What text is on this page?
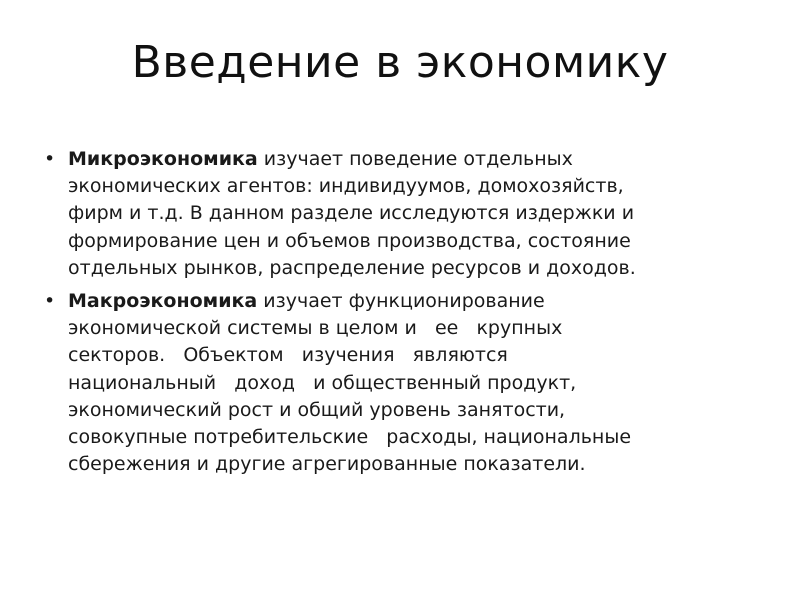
Введение в экономику
• Микроэкономика изучает поведение отдельных
экономических агентов: индивидуумов, домохозяйств,
фирм и т.д. В данном разделе исследуются издержки и
формирование цен и объемов производства, состояние
отдельных рынков, распределение ресурсов и доходов.
• Макроэкономика изучает функционирование
экономической системы в целом и   ее   крупных
секторов.   Объектом   изучения   являются
национальный   доход   и общественный продукт,
экономический рост и общий уровень занятости,
совокупные потребительские   расходы, национальные
сбережения и другие агрегированные показатели.
